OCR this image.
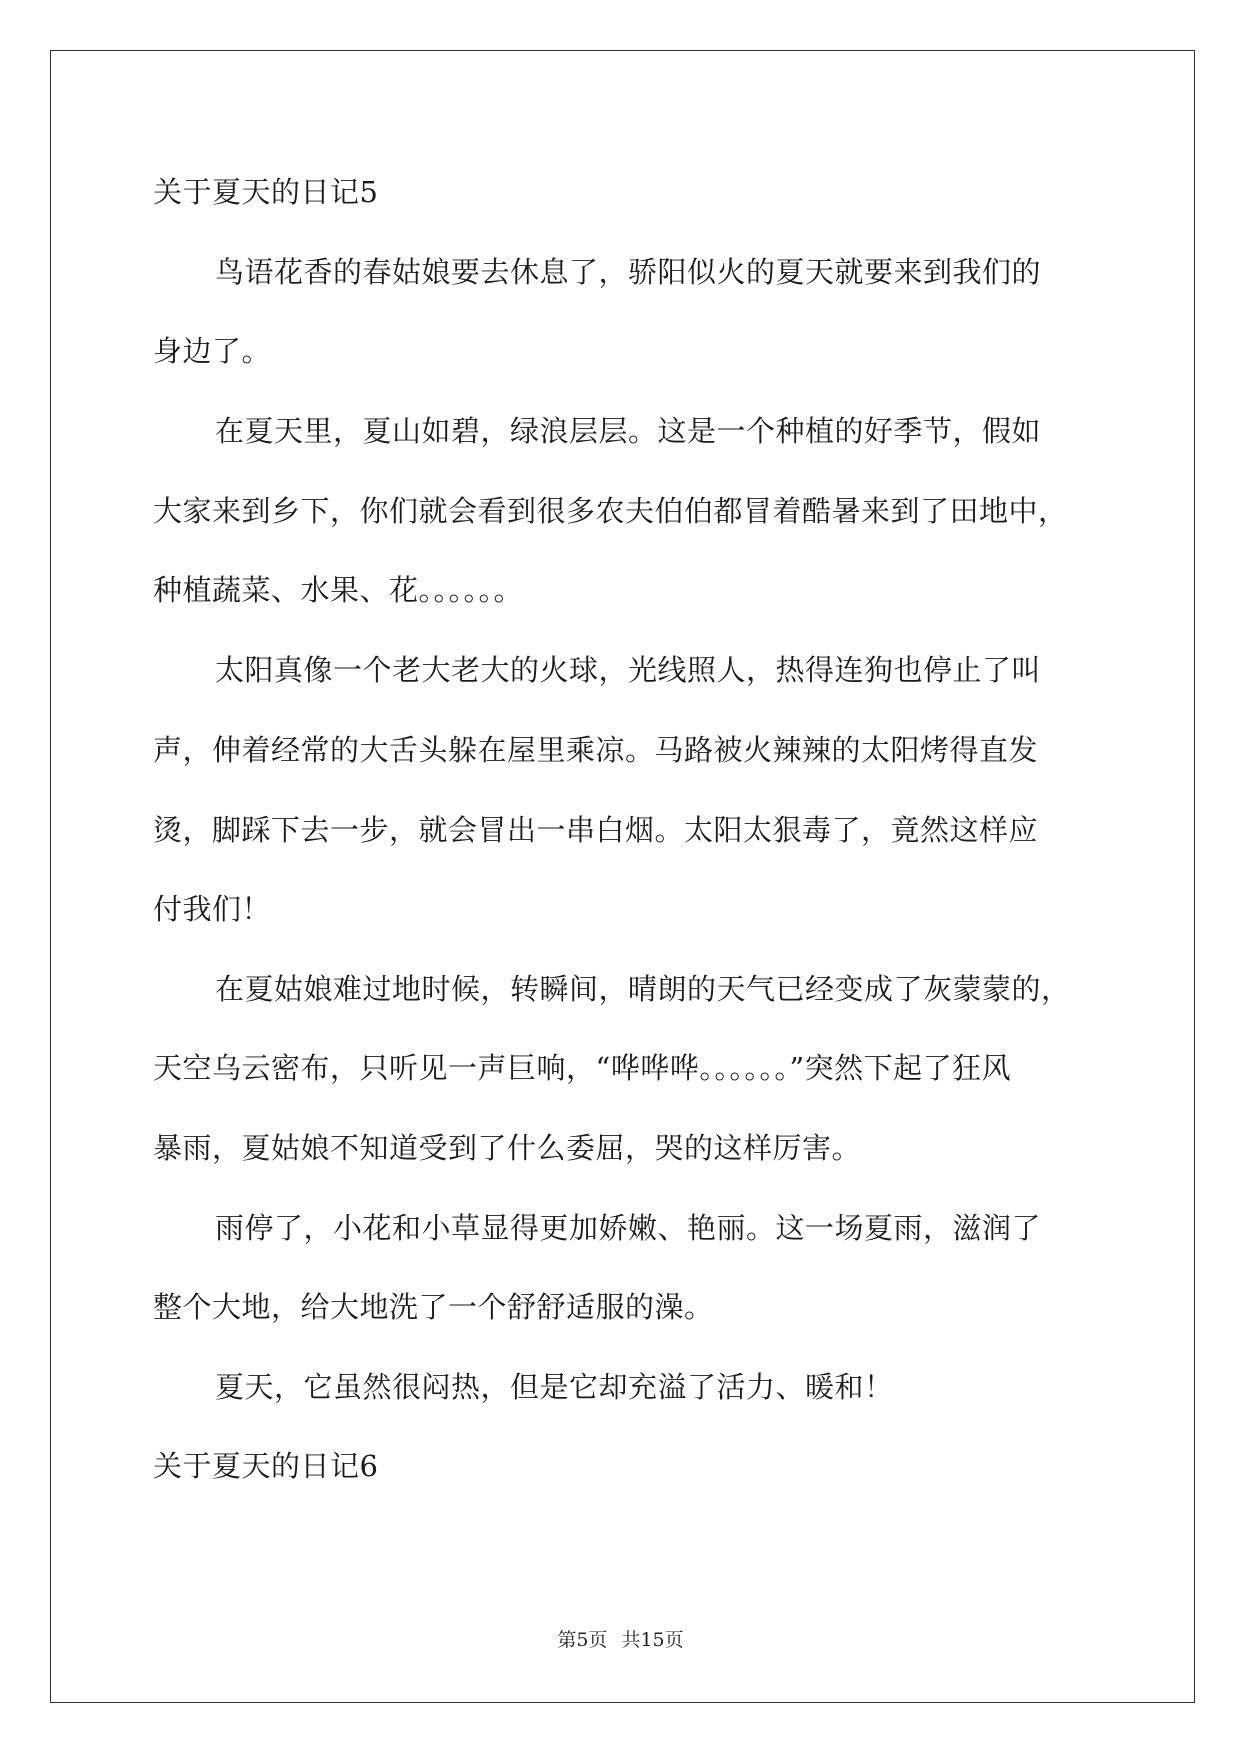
关于夏天的日记5
鸟语花香的春姑娘要去休息了，骄阳似火的夏天就要来到我们的
身边了。
在夏天里，夏山如碧，绿浪层层。这是一个种植的好季节，假如
大家来到乡下，你们就会看到很多农夫伯伯都冒着酷暑来到了田地中，
种植蔬菜、水果、花。。。。。。
太阳真像一个老大老大的火球，光线照人，热得连狗也停止了叫
声，伸着经常的大舌头躲在屋里乘凉。马路被火辣辣的太阳烤得直发
烫，脚踩下去一步，就会冒出一串白烟。太阳太狠毒了，竟然这样应
付我们！
在夏姑娘难过地时候，转瞬间，晴朗的天气已经变成了灰蒙蒙的，
天空乌云密布，只听见一声巨响，“哗哗哗。。。。。。”突然下起了狂风
暴雨，夏姑娘不知道受到了什么委屈，哭的这样厉害。
雨停了，小花和小草显得更加娇嫩、艳丽。这一场夏雨，滋润了
整个大地，给大地洗了一个舒舒适服的澡。
夏天，它虽然很闷热，但是它却充溢了活力、暖和！
关于夏天的日记6
第5页 共15页
